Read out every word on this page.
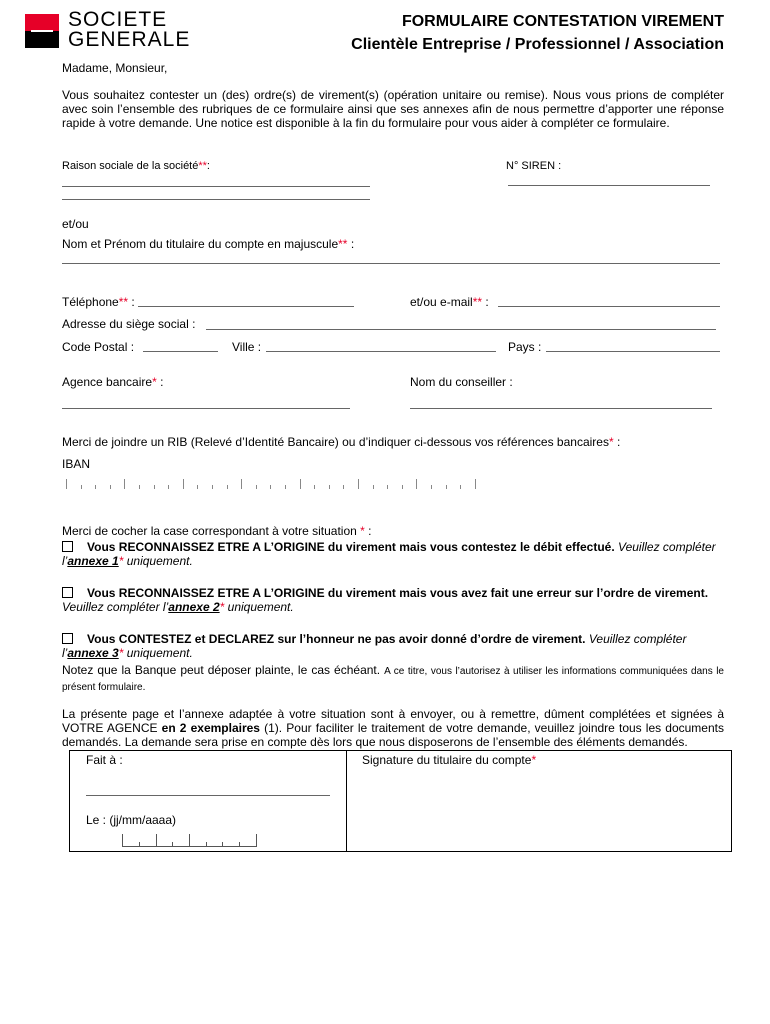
SOCIETE
GENERALE
FORMULAIRE CONTESTATION VIREMENT
Clientèle Entreprise / Professionnel / Association
Madame, Monsieur,
Vous souhaitez contester un (des) ordre(s) de virement(s) (opération unitaire ou remise). Nous vous prions de compléter avec soin l’ensemble des rubriques de ce formulaire ainsi que ses annexes afin de nous permettre d’apporter une réponse rapide à votre demande. Une notice est disponible à la fin du formulaire pour vous aider à compléter ce formulaire.
Raison sociale de la société**:	N° SIREN :
et/ou
Nom et Prénom du titulaire du compte en majuscule** :
Téléphone** :	et/ou e-mail** :
Adresse du siège social :
Code Postal :	Ville :	Pays :
Agence bancaire* :	Nom du conseiller :
Merci de joindre un RIB (Relevé d’Identité Bancaire) ou d’indiquer ci-dessous vos références bancaires* :
IBAN
Merci de cocher la case correspondant à votre situation * :
Vous RECONNAISSEZ ETRE A L’ORIGINE du virement mais vous contestez le débit effectué. Veuillez compléter
l’annexe 1* uniquement.
Vous RECONNAISSEZ ETRE A L’ORIGINE du virement mais vous avez fait une erreur sur l’ordre de virement.
Veuillez compléter l’annexe 2* uniquement.
Vous CONTESTEZ et DECLAREZ sur l’honneur ne pas avoir donné d’ordre de virement. Veuillez compléter
l’annexe 3* uniquement.
Notez que la Banque peut déposer plainte, le cas échéant. A ce titre, vous l’autorisez à utiliser les informations communiquées dans le présent formulaire.
La présente page et l’annexe adaptée à votre situation sont à envoyer, ou à remettre, dûment complétées et signées à VOTRE AGENCE en 2 exemplaires (1). Pour faciliter le traitement de votre demande, veuillez joindre tous les documents demandés. La demande sera prise en compte dès lors que nous disposerons de l’ensemble des éléments demandés.
Fait à :
Le : (jj/mm/aaaa)
Signature du titulaire du compte*
